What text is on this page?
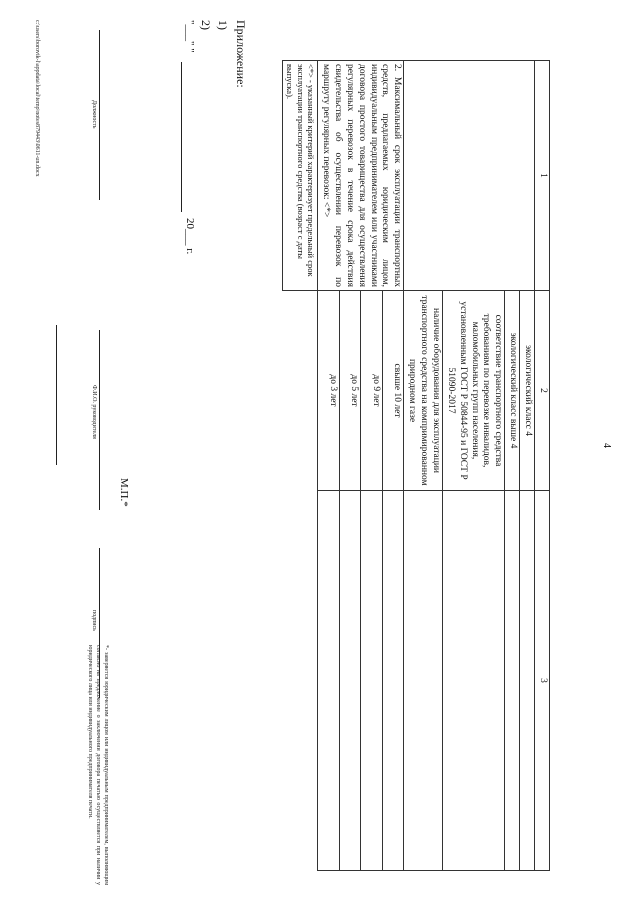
4
1	2	3
	экологический класс 4	
	экологический класс выше 4	
	соответствие транспортного средства требованиям по перевозке инвалидов, маломобильных групп населения, установленным ГОСТ Р 50844-95 и ГОСТ Р 51090-2017	
	наличие оборудования для эксплуатации транспортного средства на компримированном природном газе	
2. Максимальный срок эксплуатации транспортных средств, предлагаемых юридическим лицом, индивидуальным предпринимателем или участниками договора простого товарищества для осуществления регулярных перевозок в течение срока действия свидетельства об осуществлении перевозок по маршруту регулярных перевозок: <*>	свыше 10 лет	
	до 9 лет	
	до 5 лет	
	до 3 лет	
<*> - указанный критерий характеризует предельный срок эксплуатации транспортного средства (возраст с даты выпуска).		
Приложение:
1)
2)
"___" "
20___ г.
Должность
Ф.И.О. руководителя
М.П.*
подпись
*- заверяется юридическим лицом или индивидуальным предпринимателем, выполняющим согласно на предложение о заключении договора печатью осуществляется при наличии у юридического лица или индивидуального предпринимателя печати.
c:\users\borovik-l\appdata\local\temp\notes879443\0611-un.docx
